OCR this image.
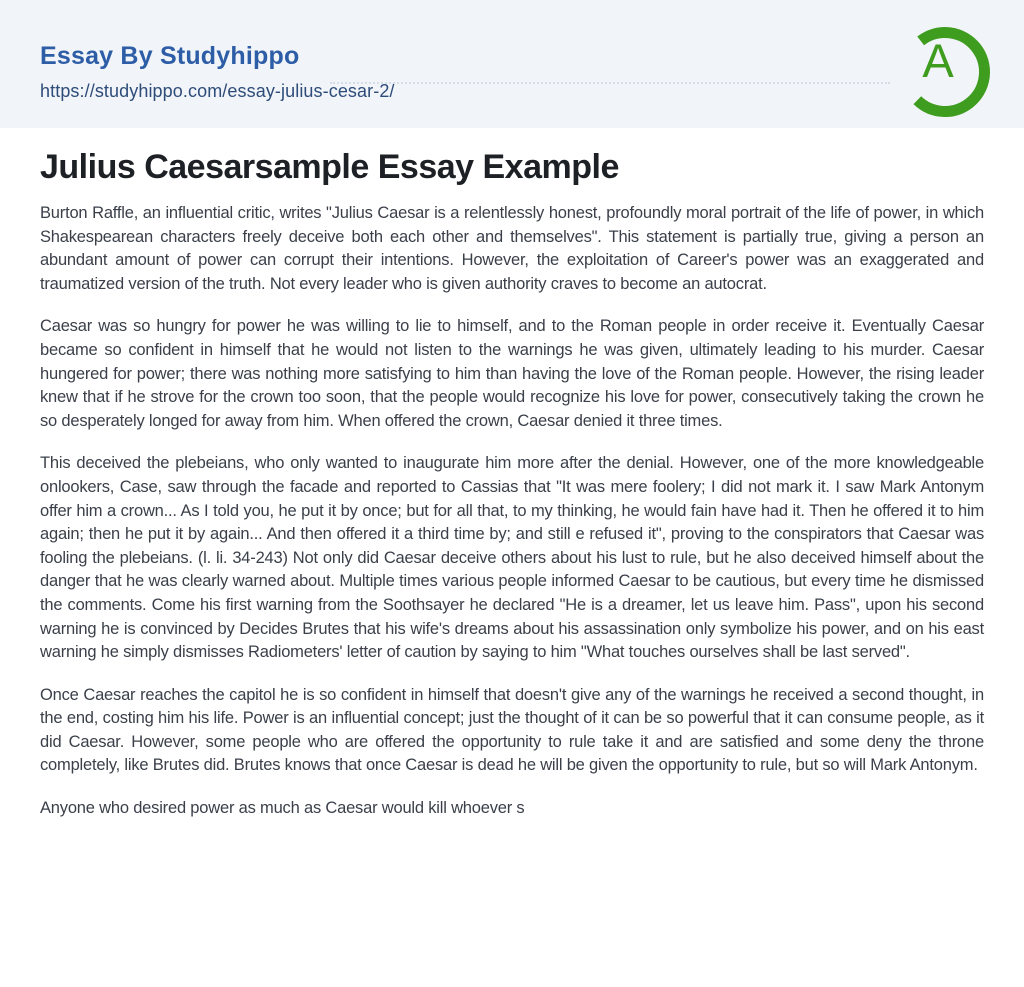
Essay By Studyhippo
https://studyhippo.com/essay-julius-cesar-2/
A
Julius Caesarsample Essay Example

Burton Raffle, an influential critic, writes "Julius Caesar is a relentlessly honest, profoundly moral portrait of the life of power, in which Shakespearean characters freely deceive both each other and themselves". This statement is partially true, giving a person an abundant amount of power can corrupt their intentions. However, the exploitation of Career's power was an exaggerated and traumatized version of the truth. Not every leader who is given authority craves to become an autocrat.

Caesar was so hungry for power he was willing to lie to himself, and to the Roman people in order receive it. Eventually Caesar became so confident in himself that he would not listen to the warnings he was given, ultimately leading to his murder. Caesar hungered for power; there was nothing more satisfying to him than having the love of the Roman people. However, the rising leader knew that if he strove for the crown too soon, that the people would recognize his love for power, consecutively taking the crown he so desperately longed for away from him. When offered the crown, Caesar denied it three times.

This deceived the plebeians, who only wanted to inaugurate him more after the denial. However, one of the more knowledgeable onlookers, Case, saw through the facade and reported to Cassias that "It was mere foolery; I did not mark it. I saw Mark Antonym offer him a crown... As I told you, he put it by once; but for all that, to my thinking, he would fain have had it. Then he offered it to him again; then he put it by again... And then offered it a third time by; and still e refused it", proving to the conspirators that Caesar was fooling the plebeians. (l. li. 34-243) Not only did Caesar deceive others about his lust to rule, but he also deceived himself about the danger that he was clearly warned about. Multiple times various people informed Caesar to be cautious, but every time he dismissed the comments. Come his first warning from the Soothsayer he declared "He is a dreamer, let us leave him. Pass", upon his second warning he is convinced by Decides Brutes that his wife's dreams about his assassination only symbolize his power, and on his east warning he simply dismisses Radiometers' letter of caution by saying to him "What touches ourselves shall be last served".

Once Caesar reaches the capitol he is so confident in himself that doesn't give any of the warnings he received a second thought, in the end, costing him his life. Power is an influential concept; just the thought of it can be so powerful that it can consume people, as it did Caesar. However, some people who are offered the opportunity to rule take it and are satisfied and some deny the throne completely, like Brutes did. Brutes knows that once Caesar is dead he will be given the opportunity to rule, but so will Mark Antonym.

Anyone who desired power as much as Caesar would kill whoever s
